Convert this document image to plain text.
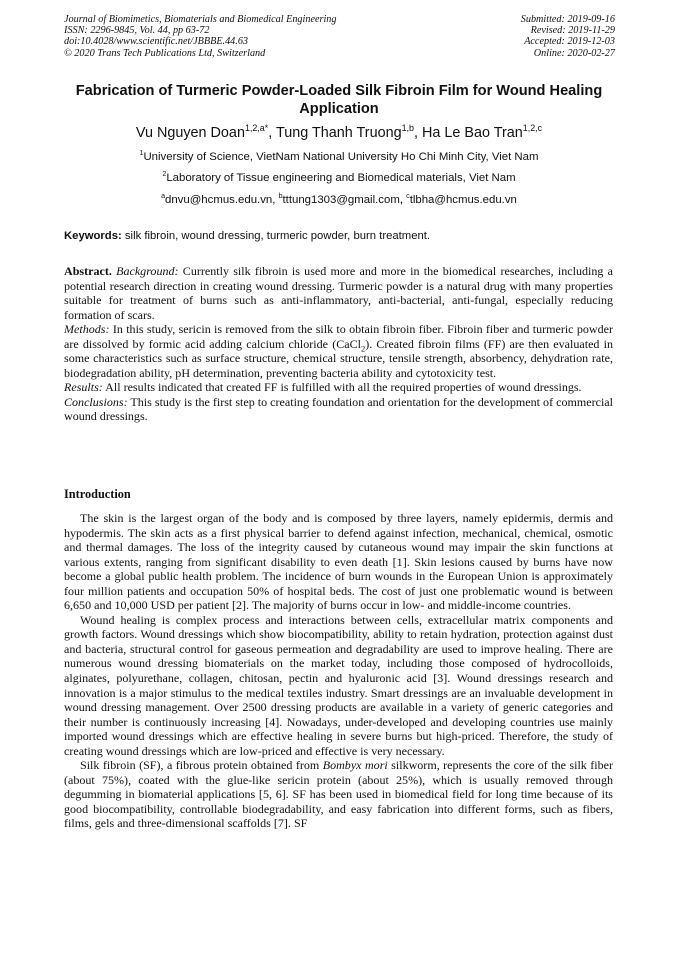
Journal of Biomimetics, Biomaterials and Biomedical Engineering
ISSN: 2296-9845, Vol. 44, pp 63-72
doi:10.4028/www.scientific.net/JBBBE.44.63
© 2020 Trans Tech Publications Ltd, Switzerland
Submitted: 2019-09-16
Revised: 2019-11-29
Accepted: 2019-12-03
Online: 2020-02-27
Fabrication of Turmeric Powder-Loaded Silk Fibroin Film for Wound Healing Application
Vu Nguyen Doan$^{1,2,a*}$, Tung Thanh Truong$^{1,b}$, Ha Le Bao Tran$^{1,2,c}$
$^1$University of Science, VietNam National University Ho Chi Minh City, Viet Nam
$^2$Laboratory of Tissue engineering and Biomedical materials, Viet Nam
$^a$dnvu@hcmus.edu.vn, $^b$tttung1303@gmail.com, $^c$tlbha@hcmus.edu.vn
Keywords: silk fibroin, wound dressing, turmeric powder, burn treatment.

Abstract. Background: Currently silk fibroin is used more and more in the biomedical researches, including a potential research direction in creating wound dressing. Turmeric powder is a natural drug with many properties suitable for treatment of burns such as anti-inflammatory, anti-bacterial, anti-fungal, especially reducing formation of scars.

Methods: In this study, sericin is removed from the silk to obtain fibroin fiber. Fibroin fiber and turmeric powder are dissolved by formic acid adding calcium chloride (CaCl$_2$). Created fibroin films (FF) are then evaluated in some characteristics such as surface structure, chemical structure, tensile strength, absorbency, dehydration rate, biodegradation ability, pH determination, preventing bacteria ability and cytotoxicity test.

Results: All results indicated that created FF is fulfilled with all the required properties of wound dressings.

Conclusions: This study is the first step to creating foundation and orientation for the development of commercial wound dressings.

Introduction

The skin is the largest organ of the body and is composed by three layers, namely epidermis, dermis and hypodermis. The skin acts as a first physical barrier to defend against infection, mechanical, chemical, osmotic and thermal damages. The loss of the integrity caused by cutaneous wound may impair the skin functions at various extents, ranging from significant disability to even death [1]. Skin lesions caused by burns have now become a global public health problem. The incidence of burn wounds in the European Union is approximately four million patients and occupation 50% of hospital beds. The cost of just one problematic wound is between 6,650 and 10,000 USD per patient [2]. The majority of burns occur in low- and middle-income countries.

Wound healing is complex process and interactions between cells, extracellular matrix components and growth factors. Wound dressings which show biocompatibility, ability to retain hydration, protection against dust and bacteria, structural control for gaseous permeation and degradability are used to improve healing. There are numerous wound dressing biomaterials on the market today, including those composed of hydrocolloids, alginates, polyurethane, collagen, chitosan, pectin and hyaluronic acid [3]. Wound dressings research and innovation is a major stimulus to the medical textiles industry. Smart dressings are an invaluable development in wound dressing management. Over 2500 dressing products are available in a variety of generic categories and their number is continuously increasing [4]. Nowadays, under-developed and developing countries use mainly imported wound dressings which are effective healing in severe burns but high-priced. Therefore, the study of creating wound dressings which are low-priced and effective is very necessary.

Silk fibroin (SF), a fibrous protein obtained from Bombyx mori silkworm, represents the core of the silk fiber (about 75%), coated with the glue-like sericin protein (about 25%), which is usually removed through degumming in biomaterial applications [5, 6]. SF has been used in biomedical field for long time because of its good biocompatibility, controllable biodegradability, and easy fabrication into different forms, such as fibers, films, gels and three-dimensional scaffolds [7]. SF
